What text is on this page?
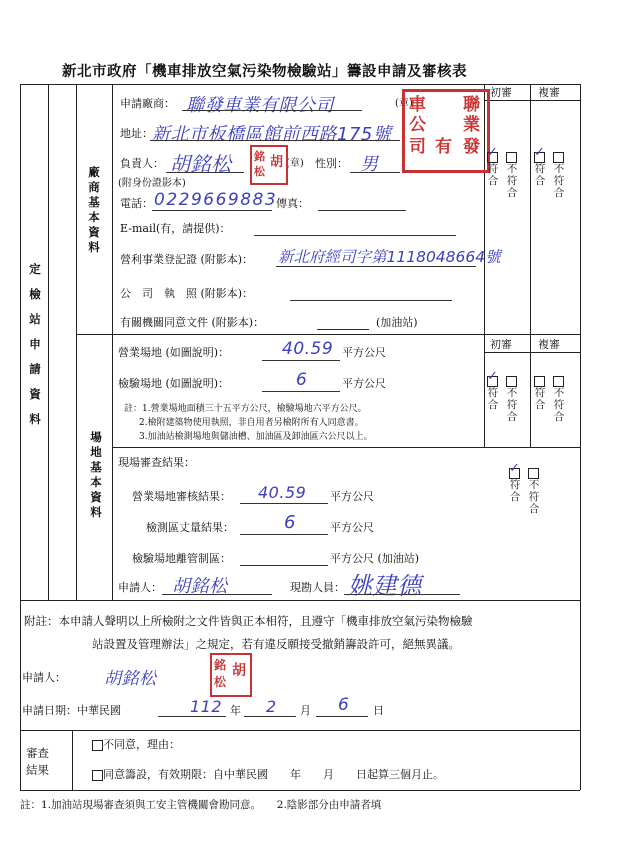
新北市政府「機車排放空氣污染物檢驗站」籌設申請及審核表
定
檢
站
申
請
資
料
廠
商
基
本
資
料
場
地
基
本
資
料
申請廠商： 聯發車業有限公司	(章)
地址： 新北市板橋區館前西路175號
負責人： 胡銘松	(章) 性別： 男
(附身份證影本)
電話： 0229669883
傳真：
E-mail(有，請提供)：
營利事業登記證 (附影本)： 新北府經司字第1118048664號
公　司　執　照 (附影本)：
有關機關同意文件 (附影本)：	(加油站)
聯
車
業
發
公
有
司
銘 胡
松
初審 複審
✓
符
合
不
符
合
✓
符
合
不
符
合
營業場地 (如圖說明)：	40.59 平方公尺
檢驗場地 (如圖說明)：	6	平方公尺
註：1.營業場地面積三十五平方公尺，檢驗場地六平方公尺。
2.檢附建築物使用執照，非自用者另檢附所有人同意書。
3.加油站檢測場地與儲油槽、加油區及卸油區六公尺以上。
初審 複審
✓
符
合
不
符
合
符
合
不
符
合
現場審查結果：
✓
符
合
不
符
合
營業場地審核結果： 40.59 平方公尺
檢測區丈量結果：	6	平方公尺
檢驗場地離管制區：	平方公尺 (加油站)
申請人： 胡銘松	現勘人員： 姚建德
附註：本申請人聲明以上所檢附之文件皆與正本相符，且遵守「機車排放空氣污染物檢驗
站設置及管理辦法」之規定，若有違反願接受撤銷籌設許可，絕無異議。
申請人： 胡銘松
銘 胡
松
申請日期：中華民國	112 年 2 月 6 日
審查
結果
不同意，理由：
同意籌設，有效期限：自中華民國　　年　　月　　日起算三個月止。
註：1.加油站現場審查須與工安主管機關會勘同意。　　2.陰影部分由申請者填
